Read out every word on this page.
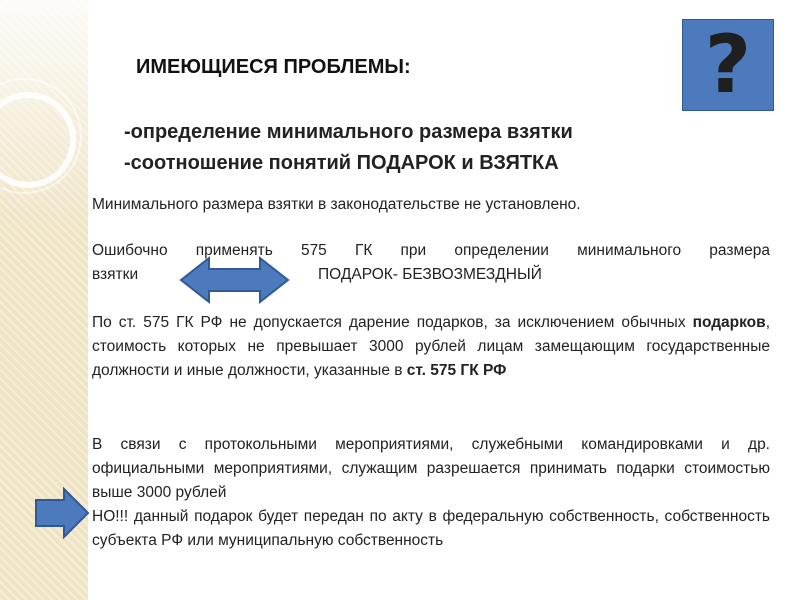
?
ИМЕЮЩИЕСЯ ПРОБЛЕМЫ:
-определение минимального размера взятки
-соотношение понятий ПОДАРОК и ВЗЯТКА
Минимального размера взятки в законодательстве не установлено.
Ошибочно применять 575 ГК при определении минимального размера
взятки	ПОДАРОК- БЕЗВОЗМЕЗДНЫЙ
По ст. 575 ГК РФ не допускается дарение подарков, за исключением обычных подарков, стоимость которых не превышает 3000 рублей лицам замещающим государственные должности и иные должности, указанные в ст. 575 ГК РФ
В связи с протокольными мероприятиями, служебными командировками и др. официальными мероприятиями, служащим разрешается принимать подарки стоимостью выше 3000 рублей
НО!!! данный подарок будет передан по акту в федеральную собственность, собственность субъекта РФ или муниципальную собственность
